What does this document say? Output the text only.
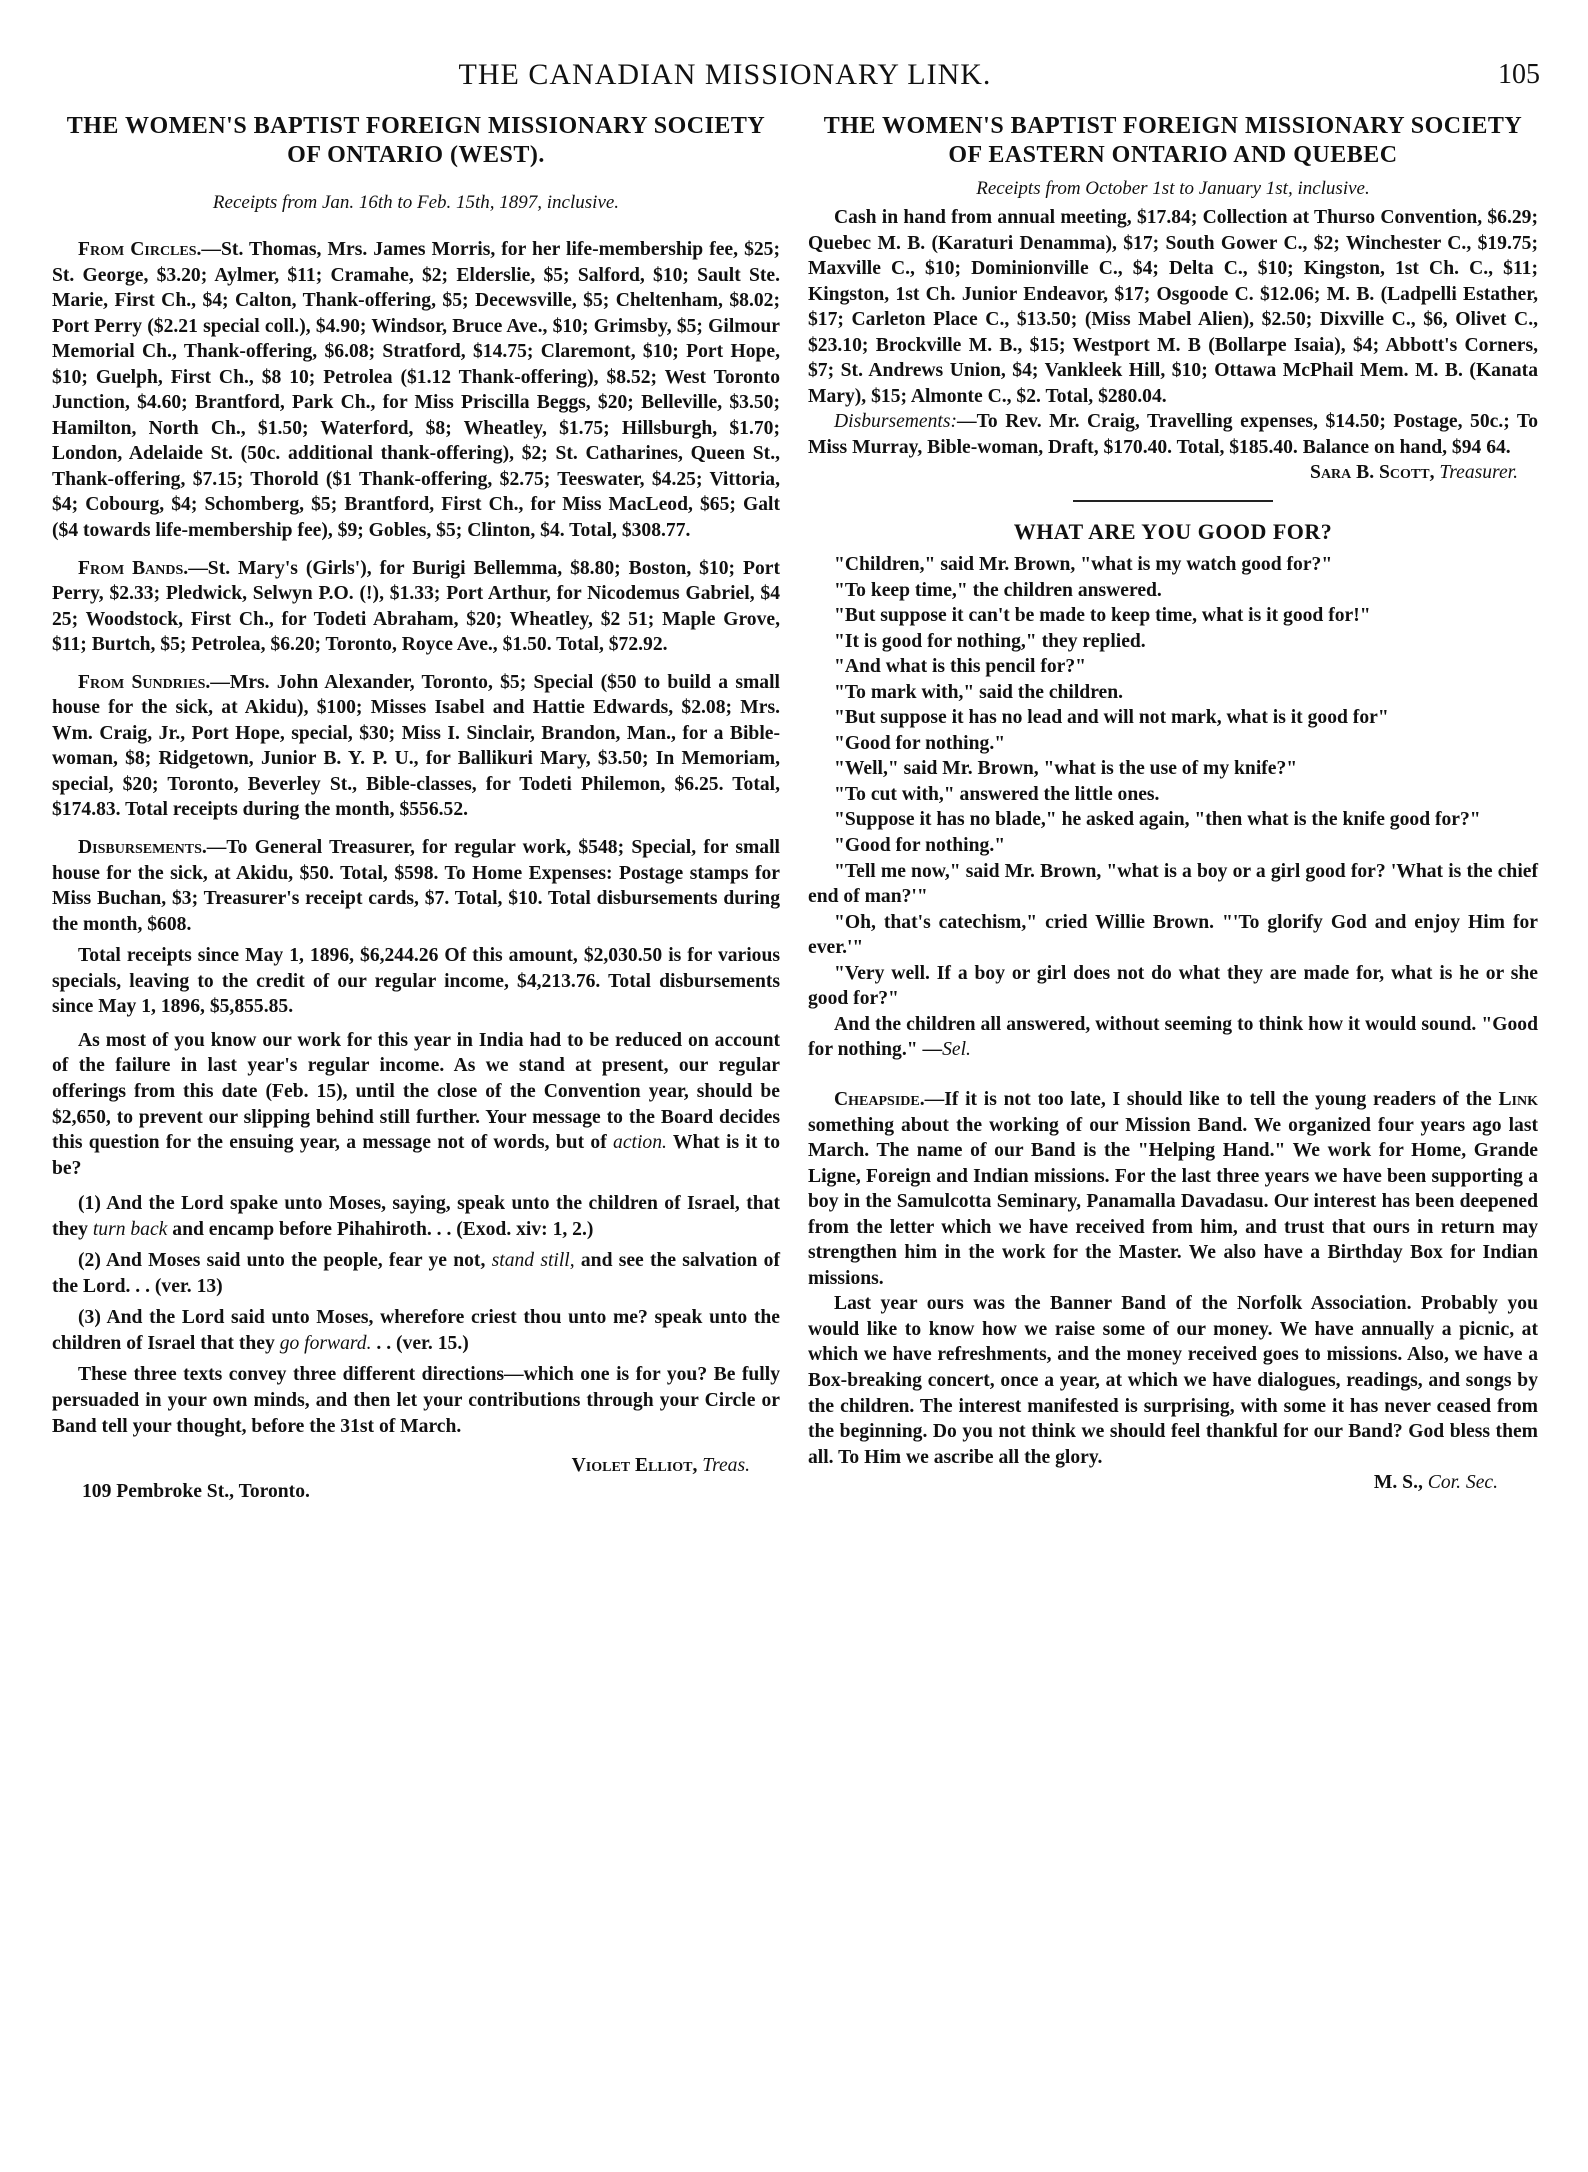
THE CANADIAN MISSIONARY LINK.	105

THE WOMEN'S BAPTIST FOREIGN MISSIONARY SOCIETY OF ONTARIO (WEST).

Receipts from Jan. 16th to Feb. 15th, 1897, inclusive.

From Circles.—St. Thomas, Mrs. James Morris, for her life-membership fee, $25; St. George, $3.20; Aylmer, $11; Cramahe, $2; Elderslie, $5; Salford, $10; Sault Ste. Marie, First Ch., $4; Calton, Thank-offering, $5; Decewsville, $5; Cheltenham, $8.02; Port Perry ($2.21 special coll.), $4.90; Windsor, Bruce Ave., $10; Grimsby, $5; Gilmour Memorial Ch., Thank-offering, $6.08; Stratford, $14.75; Claremont, $10; Port Hope, $10; Guelph, First Ch., $8 10; Petrolea ($1.12 Thank-offering), $8.52; West Toronto Junction, $4.60; Brantford, Park Ch., for Miss Priscilla Beggs, $20; Belleville, $3.50; Hamilton, North Ch., $1.50; Waterford, $8; Wheatley, $1.75; Hillsburgh, $1.70; London, Adelaide St. (50c. additional thank-offering), $2; St. Catharines, Queen St., Thank-offering, $7.15; Thorold ($1 Thank-offering, $2.75; Teeswater, $4.25; Vittoria, $4; Cobourg, $4; Schomberg, $5; Brantford, First Ch., for Miss MacLeod, $65; Galt ($4 towards life-membership fee), $9; Gobles, $5; Clinton, $4. Total, $308.77.

From Bands.—St. Mary's (Girls'), for Burigi Bellemma, $8.80; Boston, $10; Port Perry, $2.33; Pledwick, Selwyn P.O. (!), $1.33; Port Arthur, for Nicodemus Gabriel, $4 25; Woodstock, First Ch., for Todeti Abraham, $20; Wheatley, $2 51; Maple Grove, $11; Burtch, $5; Petrolea, $6.20; Toronto, Royce Ave., $1.50. Total, $72.92.

From Sundries.—Mrs. John Alexander, Toronto, $5; Special ($50 to build a small house for the sick, at Akidu), $100; Misses Isabel and Hattie Edwards, $2.08; Mrs. Wm. Craig, Jr., Port Hope, special, $30; Miss I. Sinclair, Brandon, Man., for a Bible-woman, $8; Ridgetown, Junior B. Y. P. U., for Ballikuri Mary, $3.50; In Memoriam, special, $20; Toronto, Beverley St., Bible-classes, for Todeti Philemon, $6.25. Total, $174.83. Total receipts during the month, $556.52.

Disbursements.—To General Treasurer, for regular work, $548; Special, for small house for the sick, at Akidu, $50. Total, $598. To Home Expenses: Postage stamps for Miss Buchan, $3; Treasurer's receipt cards, $7. Total, $10. Total disbursements during the month, $608.

Total receipts since May 1, 1896, $6,244.26 Of this amount, $2,030.50 is for various specials, leaving to the credit of our regular income, $4,213.76. Total disbursements since May 1, 1896, $5,855.85.

As most of you know our work for this year in India had to be reduced on account of the failure in last year's regular income. As we stand at present, our regular offerings from this date (Feb. 15), until the close of the Convention year, should be $2,650, to prevent our slipping behind still further. Your message to the Board decides this question for the ensuing year, a message not of words, but of action. What is it to be?

(1) And the Lord spake unto Moses, saying, speak unto the children of Israel, that they turn back and encamp before Pihahiroth. . . (Exod. xiv: 1, 2.)

(2) And Moses said unto the people, fear ye not, stand still, and see the salvation of the Lord. . . (ver. 13)

(3) And the Lord said unto Moses, wherefore criest thou unto me? speak unto the children of Israel that they go forward. . . (ver. 15.)

These three texts convey three different directions—which one is for you? Be fully persuaded in your own minds, and then let your contributions through your Circle or Band tell your thought, before the 31st of March.

Violet Elliot, Treas.

109 Pembroke St., Toronto.

THE WOMEN'S BAPTIST FOREIGN MISSIONARY SOCIETY OF EASTERN ONTARIO AND QUEBEC

Receipts from October 1st to January 1st, inclusive.

Cash in hand from annual meeting, $17.84; Collection at Thurso Convention, $6.29; Quebec M. B. (Karaturi Denamma), $17; South Gower C., $2; Winchester C., $19.75; Maxville C., $10; Dominionville C., $4; Delta C., $10; Kingston, 1st Ch. C., $11; Kingston, 1st Ch. Junior Endeavor, $17; Osgoode C. $12.06; M. B. (Ladpelli Estather, $17; Carleton Place C., $13.50; (Miss Mabel Alien), $2.50; Dixville C., $6, Olivet C., $23.10; Brockville M. B., $15; Westport M. B (Bollarpe Isaia), $4; Abbott's Corners, $7; St. Andrews Union, $4; Vankleek Hill, $10; Ottawa McPhail Mem. M. B. (Kanata Mary), $15; Almonte C., $2. Total, $280.04.

Disbursements:—To Rev. Mr. Craig, Travelling expenses, $14.50; Postage, 50c.; To Miss Murray, Bible-woman, Draft, $170.40. Total, $185.40. Balance on hand, $94 64.

Sara B. Scott, Treasurer.

WHAT ARE YOU GOOD FOR?

"Children," said Mr. Brown, "what is my watch good for?"

"To keep time," the children answered.

"But suppose it can't be made to keep time, what is it good for!"

"It is good for nothing," they replied.

"And what is this pencil for?"

"To mark with," said the children.

"But suppose it has no lead and will not mark, what is it good for"

"Good for nothing."

"Well," said Mr. Brown, "what is the use of my knife?"

"To cut with," answered the little ones.

"Suppose it has no blade," he asked again, "then what is the knife good for?"

"Good for nothing."

"Tell me now," said Mr. Brown, "what is a boy or a girl good for? 'What is the chief end of man?'"

"Oh, that's catechism," cried Willie Brown. "'To glorify God and enjoy Him for ever.'"

"Very well. If a boy or girl does not do what they are made for, what is he or she good for?"

And the children all answered, without seeming to think how it would sound. "Good for nothing." —Sel.

Cheapside.—If it is not too late, I should like to tell the young readers of the Link something about the working of our Mission Band. We organized four years ago last March. The name of our Band is the "Helping Hand." We work for Home, Grande Ligne, Foreign and Indian missions. For the last three years we have been supporting a boy in the Samulcotta Seminary, Panamalla Davadasu. Our interest has been deepened from the letter which we have received from him, and trust that ours in return may strengthen him in the work for the Master. We also have a Birthday Box for Indian missions.

Last year ours was the Banner Band of the Norfolk Association. Probably you would like to know how we raise some of our money. We have annually a picnic, at which we have refreshments, and the money received goes to missions. Also, we have a Box-breaking concert, once a year, at which we have dialogues, readings, and songs by the children. The interest manifested is surprising, with some it has never ceased from the beginning. Do you not think we should feel thankful for our Band? God bless them all. To Him we ascribe all the glory.

M. S., Cor. Sec.
